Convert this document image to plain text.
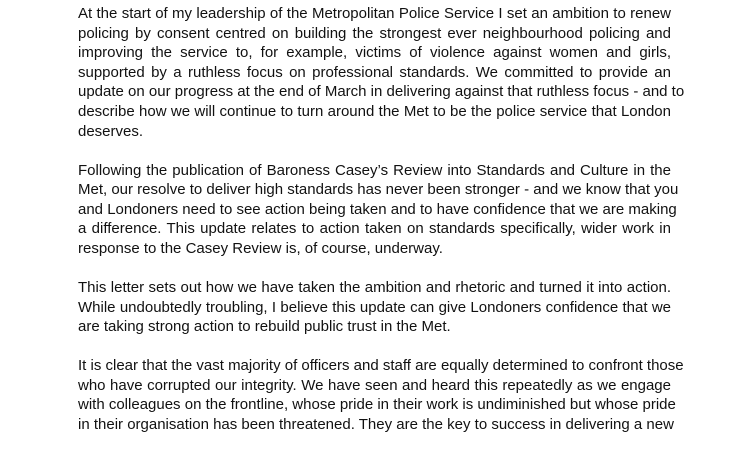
At the start of my leadership of the Metropolitan Police Service I set an ambition to renew
policing by consent centred on building the strongest ever neighbourhood policing and
improving the service to, for example, victims of violence against women and girls,
supported by a ruthless focus on professional standards. We committed to provide an
update on our progress at the end of March in delivering against that ruthless focus - and to
describe how we will continue to turn around the Met to be the police service that London
deserves.

Following the publication of Baroness Casey’s Review into Standards and Culture in the
Met, our resolve to deliver high standards has never been stronger - and we know that you
and Londoners need to see action being taken and to have confidence that we are making
a difference. This update relates to action taken on standards specifically, wider work in
response to the Casey Review is, of course, underway.

This letter sets out how we have taken the ambition and rhetoric and turned it into action.
While undoubtedly troubling, I believe this update can give Londoners confidence that we
are taking strong action to rebuild public trust in the Met.

It is clear that the vast majority of officers and staff are equally determined to confront those
who have corrupted our integrity. We have seen and heard this repeatedly as we engage
with colleagues on the frontline, whose pride in their work is undiminished but whose pride
in their organisation has been threatened. They are the key to success in delivering a new
